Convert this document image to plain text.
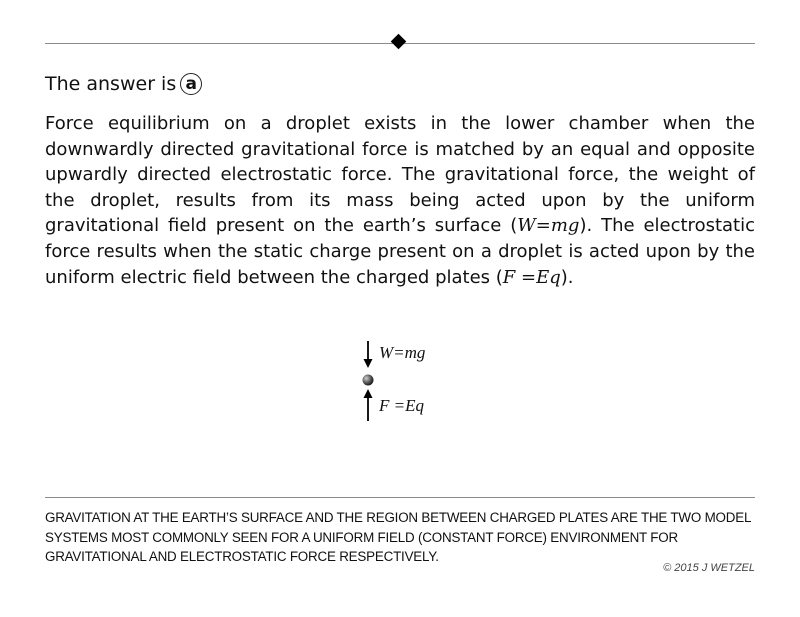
The answer is a

Force equilibrium on a droplet exists in the lower chamber when the downwardly directed gravitational force is matched by an equal and opposite upwardly directed electrostatic force. The gravitational force, the weight of the droplet, results from its mass being acted upon by the uniform gravitational field present on the earth’s surface (W=mg). The electrostatic force results when the static charge present on a droplet is acted upon by the uniform electric field between the charged plates (F =Eq).

W=mg
F =Eq

GRAVITATION AT THE EARTH’S SURFACE AND THE REGION BETWEEN CHARGED PLATES ARE THE TWO MODEL SYSTEMS MOST COMMONLY SEEN FOR A UNIFORM FIELD (CONSTANT FORCE) ENVIRONMENT FOR GRAVITATIONAL AND ELECTROSTATIC FORCE RESPECTIVELY.

© 2015 J WETZEL
